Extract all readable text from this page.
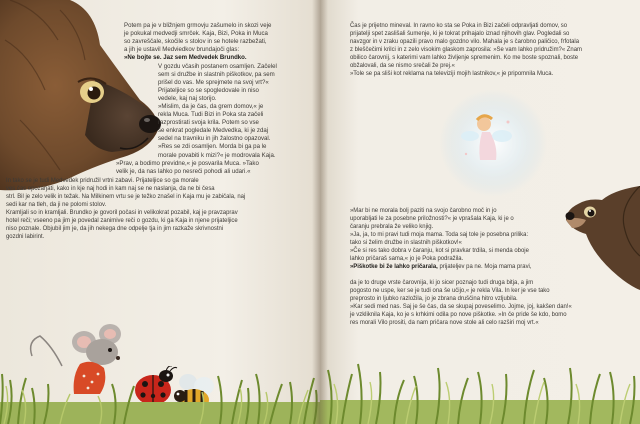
Potem pa je v bližnjem grmovju zašumelo in skozi veje

je pokukal medvedji smrček. Kaja, Bizi, Poka in Muca

so zavreščale, skočile s stolov in se hotele razbežati,

a jih je ustavil Medviedkov brundajoči glas:

»Ne bojte se. Jaz sem Medvedek Brundko.

V gozdu včasih postanem osamljen. Začelel

sem si družbe in slastnih piškotkov, pa sem

prišel do vas. Me sprejmete na svoj vrt?«

Prijateljice so se spogledovale in niso

vedele, kaj naj storijo.

»Mislim, da je čas, da grem domov,« je

rekla Muca. Tudi Bizi in Poka sta začeli

razprostirati svoja krila. Potem so vse

še enkrat pogledale Medvedka, ki je zdaj

sedel na travniku in jih žalostno opazoval.

»Res se zdi osamljen. Morda bi ga pa le

morale povabiti k mizi?« je modrovala Kaja.

»Prav, a bodimo previdne,« je posvarila Muca. »Tako

velik je, da nas lahko po nesreči pohodi ali udari.«

In tako se je tudi Medvedek pridružil vrtni zabavi. Prijateljice so ga morale

ves čas opozarjati, kako in kje naj hodi in kam naj se ne naslanja, da ne bi česa

strl. Bil je zelo velik in težak. Na Milkinem vrtu se je težko znašel in Kaja mu je zabičala, naj

sedi kar na tleh, da ji ne polomi stolov.

Kramljali so in kramljali. Brundko je govoril počasi in velikokrat pozabil, kaj je pravzaprav

hotel reči; vseeno pa jim je povedal zanimive reči o gozdu, ki ga Kaja in njene prijateljice

niso poznale. Objubil jim je, da jih nekega dne odpelje tja in jim razkaže skrivnostni

gozdni labirint.

Čas je prijetno mineval. In ravno ko sta se Poka in Bizi začeli odpravljati domov, so

prijatelji spet zaslišali šumenje, ki je tokrat prihajalo iznad njihovih glav. Pogledali so

navzgor in v zraku opazili pravo malo gozdno vilo. Mahala je s čarobno paličico, frfotala

z bleščečimi krilci in z zelo visokim glaskom zaprosila: »Se vam lahko pridružim?« Znam

obilico čarovnij, s katerimi vam lahko življenje spremenim. Ko me boste spoznali, boste

obžalovali, da se nismo srečali že prej.«

»Tole se pa sliši kot reklama na televiziji mojih lastnikov,« je pripomnila Muca.

»Mar bi ne morala bolj paziti na svojo čarobno moč in jo

uporabljati le za posebne priložnosti?« je vprašala Kaja, ki je o

čaranju prebrala že veliko knjig.

»Ja, ja, to mi pravi tudi moja mama. Toda saj tole je posebna prilika:

tako si želim družbe in slastnih piškotkov!«

»Če si res tako dobra v čaranju, kot si pravkar trdila, si menda oboje

lahko pričaraš sama,« jo je Poka podražila.

»Piškotke bi že lahko pričarala, prijateljev pa ne. Moja mama pravi,

da je to druge vrste čarovnija, ki jo sicer poznajo tudi druga bitja, a jim

pogosto ne uspe, ker se je tudi ona še učijo,« je rekla Vila. In ker je vse tako

preprosto in ljubko razložila, jo je zbrana druščina hitro vzljubila.

»Kar sedi med nas. Saj je še čas, da se skupaj poveselimo. Jojme, joj, kakšen dan!«

je vzkliknila Kaja, ko je s krhkimi odila po nove piškotke. »In če pride še kdo, bomo

res morali Vilo prositi, da nam pričara nove stole ali celo razširi moj vrt.«
